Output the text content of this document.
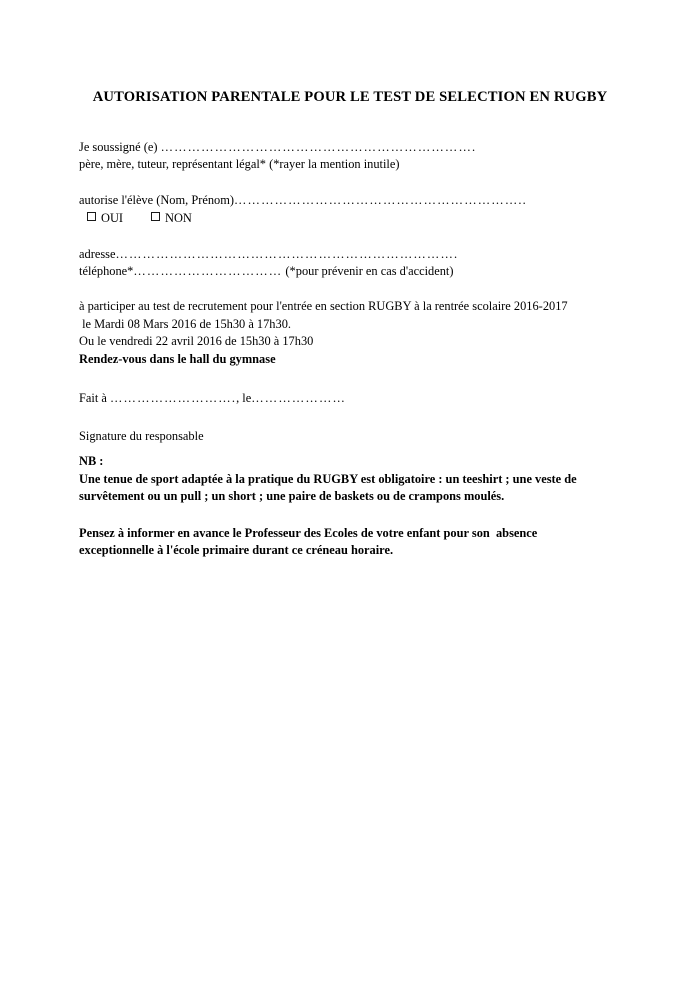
AUTORISATION PARENTALE POUR LE TEST DE SELECTION EN RUGBY

Je soussigné (e) …………………………………………………………….
père, mère, tuteur, représentant légal* (*rayer la mention inutile)

autorise l'élève (Nom, Prénom)………………………………………………………..
OUI	NON

adresse………………………………………………………………….
téléphone*…………………………… (*pour prévenir en cas d'accident)

à participer au test de recrutement pour l'entrée en section RUGBY à la rentrée scolaire 2016-2017
le Mardi 08 Mars 2016 de 15h30 à 17h30.
Ou le vendredi 22 avril 2016 de 15h30 à 17h30
Rendez-vous dans le hall du gymnase

Fait à ………………………., le…………………

Signature du responsable

NB :
Une tenue de sport adaptée à la pratique du RUGBY est obligatoire : un teeshirt ; une veste de survêtement ou un pull ; un short ; une paire de baskets ou de crampons moulés.

Pensez à informer en avance le Professeur des Ecoles de votre enfant pour son  absence exceptionnelle à l'école primaire durant ce créneau horaire.
